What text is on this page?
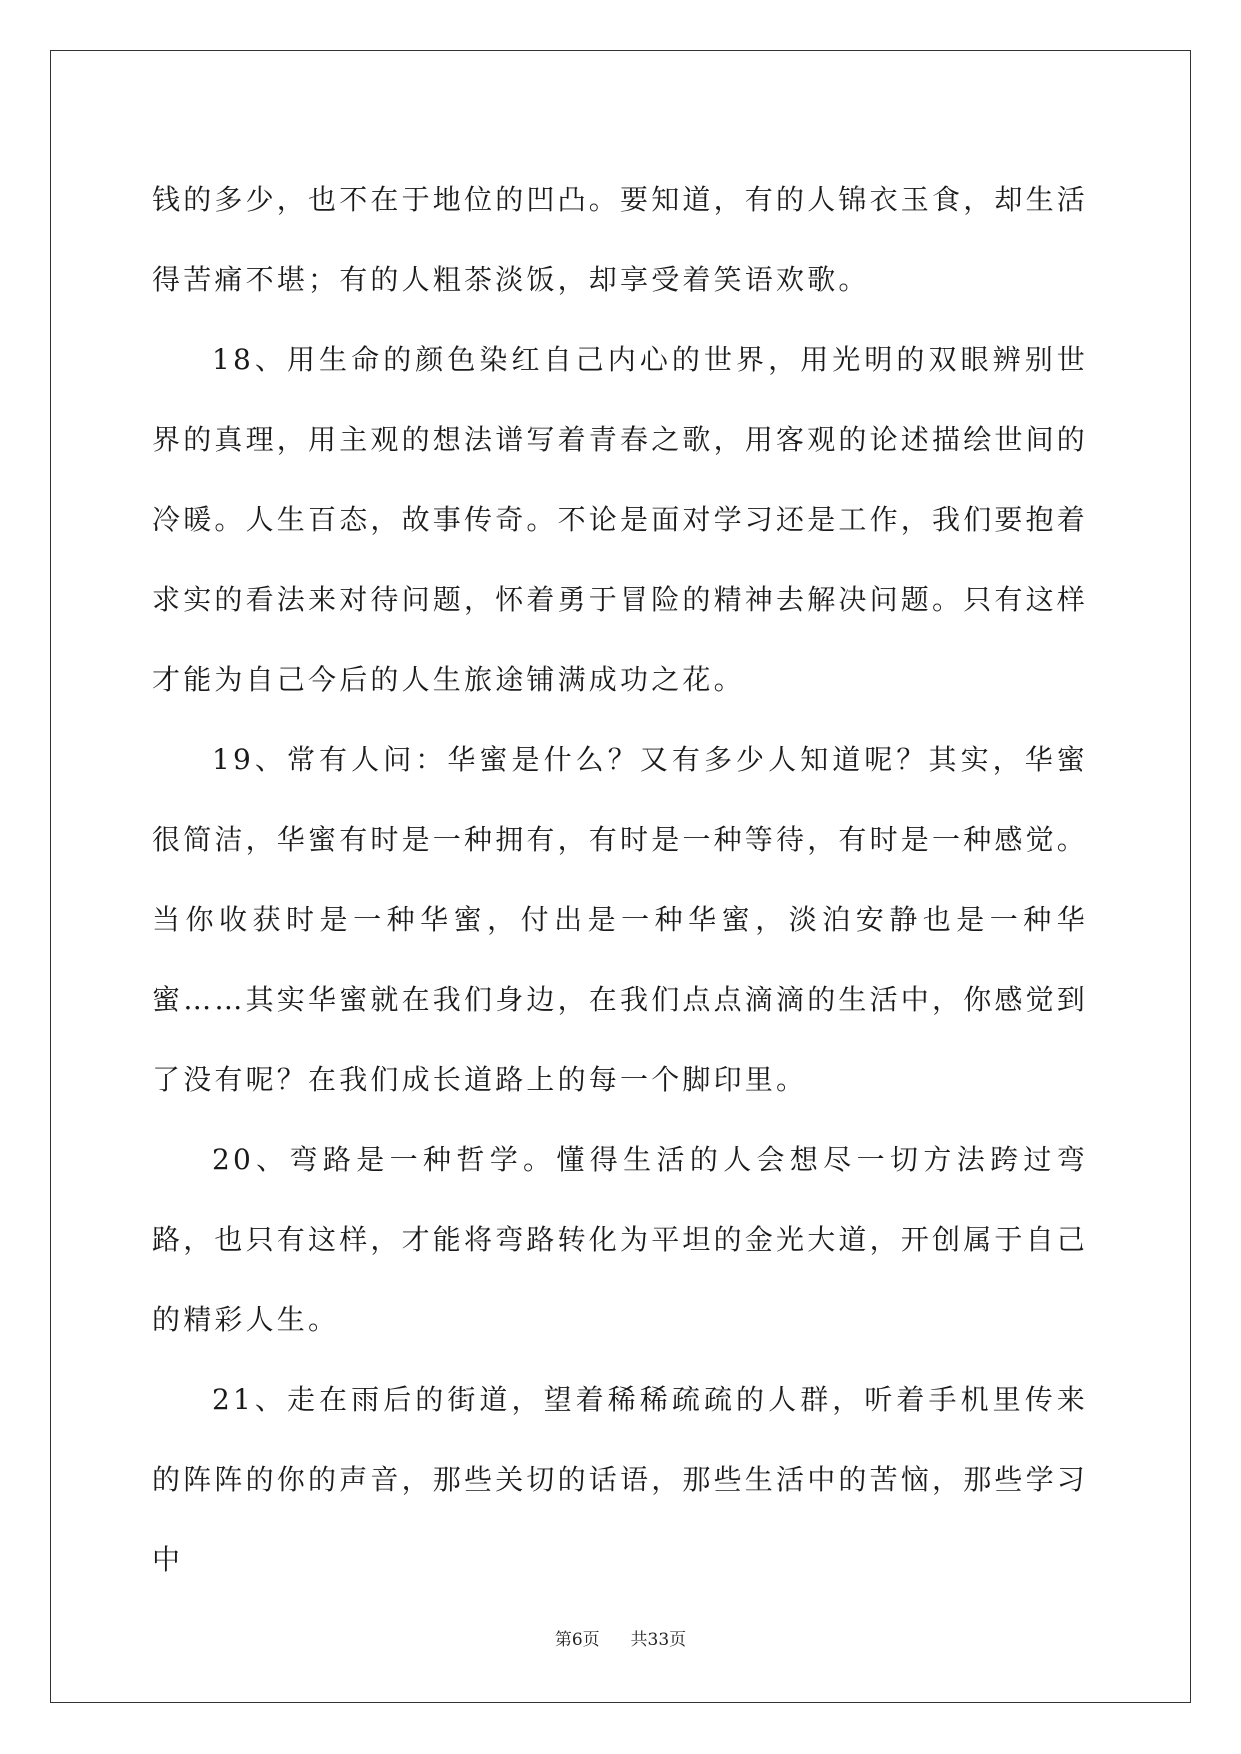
钱的多少，也不在于地位的凹凸。要知道，有的人锦衣玉食，却生活得苦痛不堪；有的人粗茶淡饭，却享受着笑语欢歌。

18、用生命的颜色染红自己内心的世界，用光明的双眼辨别世界的真理，用主观的想法谱写着青春之歌，用客观的论述描绘世间的冷暖。人生百态，故事传奇。不论是面对学习还是工作，我们要抱着求实的看法来对待问题，怀着勇于冒险的精神去解决问题。只有这样才能为自己今后的人生旅途铺满成功之花。

19、常有人问：华蜜是什么？又有多少人知道呢？其实，华蜜很简洁，华蜜有时是一种拥有，有时是一种等待，有时是一种感觉。当你收获时是一种华蜜，付出是一种华蜜，淡泊安静也是一种华蜜……其实华蜜就在我们身边，在我们点点滴滴的生活中，你感觉到了没有呢？在我们成长道路上的每一个脚印里。

20、弯路是一种哲学。懂得生活的人会想尽一切方法跨过弯路，也只有这样，才能将弯路转化为平坦的金光大道，开创属于自己的精彩人生。

21、走在雨后的街道，望着稀稀疏疏的人群，听着手机里传来的阵阵的你的声音，那些关切的话语，那些生活中的苦恼，那些学习中

第6页 共33页
